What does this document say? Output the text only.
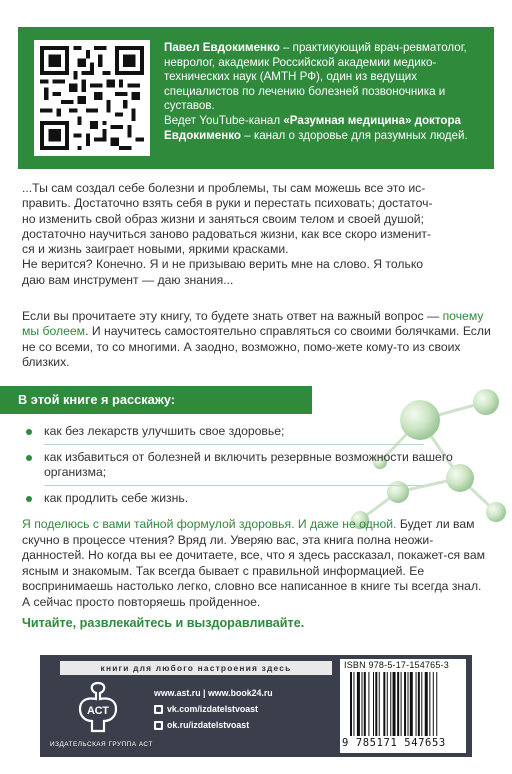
Павел Евдокименко – практикующий врач-ревматолог, невролог, академик Российской академии медико-технических наук (АМТН РФ), один из ведущих специалистов по лечению болезней позвоночника и суставов.
Ведет YouTube-канал «Разумная медицина» доктора Евдокименко – канал о здоровье для разумных людей.

...Ты сам создал себе болезни и проблемы, ты сам можешь все это ис-

править. Достаточно взять себя в руки и перестать психовать; достаточ-

но изменить свой образ жизни и заняться своим телом и своей душой;

достаточно научиться заново радоваться жизни, как все скоро изменит-

ся и жизнь заиграет новыми, яркими красками.

Не верится? Конечно. Я и не призываю верить мне на слово. Я только

даю вам инструмент — даю знания...

Если вы прочитаете эту книгу, то будете знать ответ на важный вопрос — почему мы болеем. И научитесь самостоятельно справляться со своими болячками. Если не со всеми, то со многими. А заодно, возможно, помо-жете кому-то из своих близких.
В этой книге я расскажу:
как без лекарств улучшить свое здоровье;
как избавиться от болезней и включить резервные возможности вашего организма;
как продлить себе жизнь.
Я поделюсь с вами тайной формулой здоровья. И даже не одной. Будет ли вам скучно в процессе чтения? Вряд ли. Уверяю вас, эта книга полна неожи-данностей. Но когда вы ее дочитаете, все, что я здесь рассказал, покажет-ся вам ясным и знакомым. Так всегда бывает с правильной информацией. Ее воспринимаешь настолько легко, словно все написанное в книге ты всегда знал. А сейчас просто повторяешь пройденное.
Читайте, развлекайтесь и выздоравливайте.
книги для любого настроения здесь
АСТ
ИЗДАТЕЛЬСКАЯ ГРУППА АСТ
www.ast.ru | www.book24.ru
vk.com/izdatelstvoast
ok.ru/izdatelstvoast
ISBN 978-5-17-154765-3
9 785171 547653
